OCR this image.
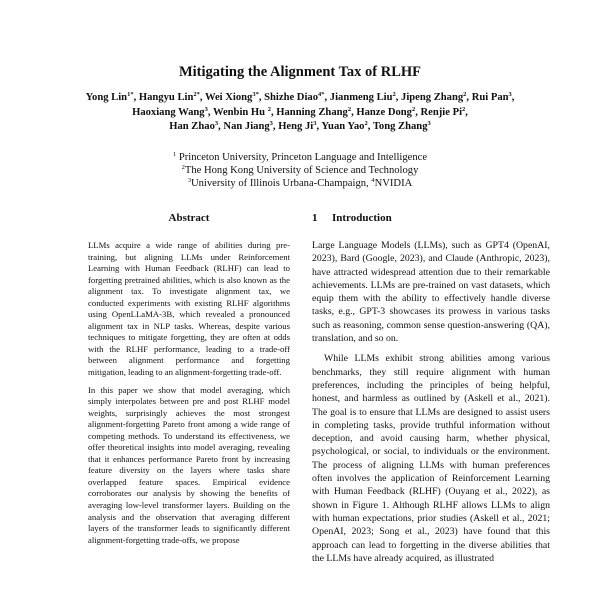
Mitigating the Alignment Tax of RLHF
Yong Lin$^{1*}$, Hangyu Lin$^{2*}$, Wei Xiong$^{3*}$, Shizhe Diao$^{4*}$, Jianmeng Liu$^2$, Jipeng Zhang$^2$, Rui Pan$^3$,
Haoxiang Wang$^3$, Wenbin Hu $^2$, Hanning Zhang$^2$, Hanze Dong$^2$, Renjie Pi$^2$,
Han Zhao$^3$, Nan Jiang$^3$, Heng Ji$^3$, Yuan Yao$^2$, Tong Zhang$^3$
$^1$ Princeton University, Princeton Language and Intelligence
$^2$The Hong Kong University of Science and Technology
$^3$University of Illinois Urbana-Champaign, $^4$NVIDIA
Abstract

LLMs acquire a wide range of abilities during pre-training, but aligning LLMs under Reinforcement Learning with Human Feedback (RLHF) can lead to forgetting pretrained abilities, which is also known as the alignment tax. To investigate alignment tax, we conducted experiments with existing RLHF algorithms using OpenLLaMA-3B, which revealed a pronounced alignment tax in NLP tasks. Whereas, despite various techniques to mitigate forgetting, they are often at odds with the RLHF performance, leading to a trade-off between alignment performance and forgetting mitigation, leading to an alignment-forgetting trade-off.

In this paper we show that model averaging, which simply interpolates between pre and post RLHF model weights, surprisingly achieves the most strongest alignment-forgetting Pareto front among a wide range of competing methods. To understand its effectiveness, we offer theoretical insights into model averaging, revealing that it enhances performance Pareto front by increasing feature diversity on the layers where tasks share overlapped feature spaces. Empirical evidence corroborates our analysis by showing the benefits of averaging low-level transformer layers. Building on the analysis and the observation that averaging different layers of the transformer leads to significantly different alignment-forgetting trade-offs, we propose

1 Introduction

Large Language Models (LLMs), such as GPT4 (OpenAI, 2023), Bard (Google, 2023), and Claude (Anthropic, 2023), have attracted widespread attention due to their remarkable achievements. LLMs are pre-trained on vast datasets, which equip them with the ability to effectively handle diverse tasks, e.g., GPT-3 showcases its prowess in various tasks such as reasoning, common sense question-answering (QA), translation, and so on.

While LLMs exhibit strong abilities among various benchmarks, they still require alignment with human preferences, including the principles of being helpful, honest, and harmless as outlined by (Askell et al., 2021). The goal is to ensure that LLMs are designed to assist users in completing tasks, provide truthful information without deception, and avoid causing harm, whether physical, psychological, or social, to individuals or the environment. The process of aligning LLMs with human preferences often involves the application of Reinforcement Learning with Human Feedback (RLHF) (Ouyang et al., 2022), as shown in Figure 1. Although RLHF allows LLMs to align with human expectations, prior studies (Askell et al., 2021; OpenAI, 2023; Song et al., 2023) have found that this approach can lead to forgetting in the diverse abilities that the LLMs have already acquired, as illustrated
